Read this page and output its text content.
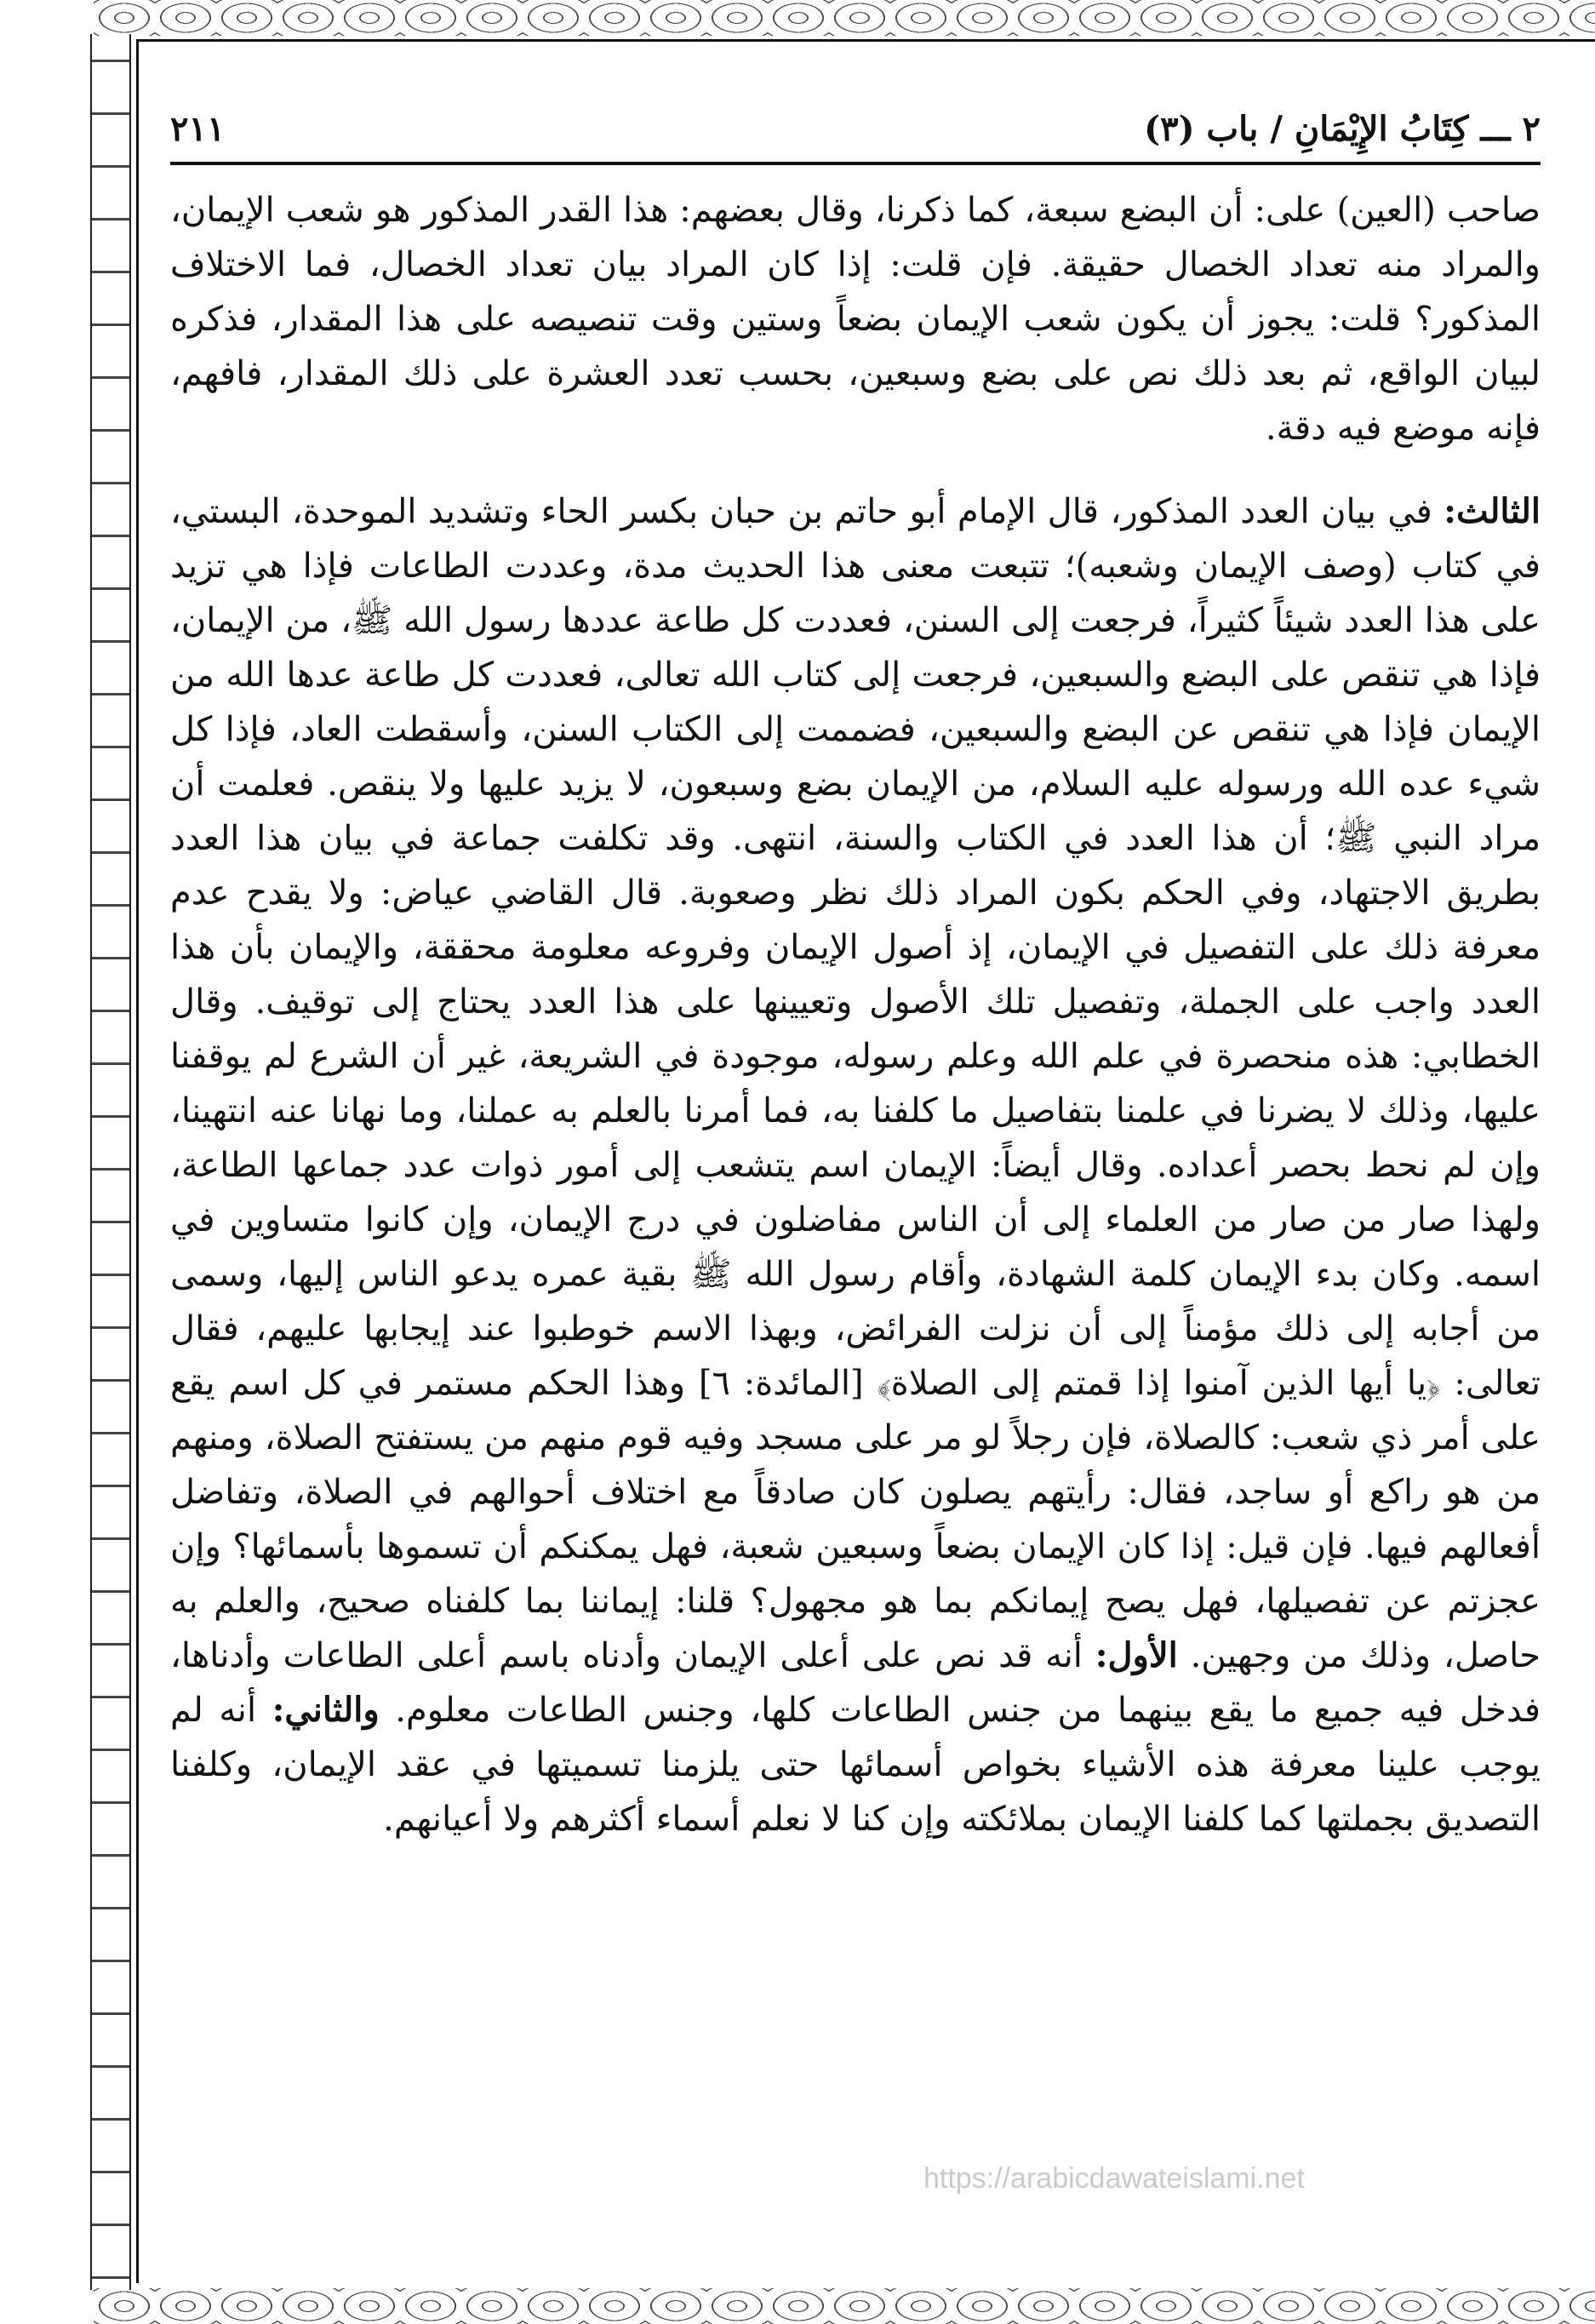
٢ ـــ كِتَابُ الإِيْمَانِ / باب (٣)
٢١١

صاحب (العين) على: أن البضع سبعة، كما ذكرنا، وقال بعضهم: هذا القدر المذكور هو شعب الإيمان، والمراد منه تعداد الخصال حقيقة. فإن قلت: إذا كان المراد بيان تعداد الخصال، فما الاختلاف المذكور؟ قلت: يجوز أن يكون شعب الإيمان بضعاً وستين وقت تنصيصه على هذا المقدار، فذكره لبيان الواقع، ثم بعد ذلك نص على بضع وسبعين، بحسب تعدد العشرة على ذلك المقدار، فافهم، فإنه موضع فيه دقة.

الثالث: في بيان العدد المذكور، قال الإمام أبو حاتم بن حبان بكسر الحاء وتشديد الموحدة، البستي، في كتاب (وصف الإيمان وشعبه)؛ تتبعت معنى هذا الحديث مدة، وعددت الطاعات فإذا هي تزيد على هذا العدد شيئاً كثيراً، فرجعت إلى السنن، فعددت كل طاعة عددها رسول الله ﷺ، من الإيمان، فإذا هي تنقص على البضع والسبعين، فرجعت إلى كتاب الله تعالى، فعددت كل طاعة عدها الله من الإيمان فإذا هي تنقص عن البضع والسبعين، فضممت إلى الكتاب السنن، وأسقطت العاد، فإذا كل شيء عده الله ورسوله عليه السلام، من الإيمان بضع وسبعون، لا يزيد عليها ولا ينقص. فعلمت أن مراد النبي ﷺ؛ أن هذا العدد في الكتاب والسنة، انتهى. وقد تكلفت جماعة في بيان هذا العدد بطريق الاجتهاد، وفي الحكم بكون المراد ذلك نظر وصعوبة. قال القاضي عياض: ولا يقدح عدم معرفة ذلك على التفصيل في الإيمان، إذ أصول الإيمان وفروعه معلومة محققة، والإيمان بأن هذا العدد واجب على الجملة، وتفصيل تلك الأصول وتعيينها على هذا العدد يحتاج إلى توقيف. وقال الخطابي: هذه منحصرة في علم الله وعلم رسوله، موجودة في الشريعة، غير أن الشرع لم يوقفنا عليها، وذلك لا يضرنا في علمنا بتفاصيل ما كلفنا به، فما أمرنا بالعلم به عملنا، وما نهانا عنه انتهينا، وإن لم نحط بحصر أعداده. وقال أيضاً: الإيمان اسم يتشعب إلى أمور ذوات عدد جماعها الطاعة، ولهذا صار من صار من العلماء إلى أن الناس مفاضلون في درج الإيمان، وإن كانوا متساوين في اسمه. وكان بدء الإيمان كلمة الشهادة، وأقام رسول الله ﷺ بقية عمره يدعو الناس إليها، وسمى من أجابه إلى ذلك مؤمناً إلى أن نزلت الفرائض، وبهذا الاسم خوطبوا عند إيجابها عليهم، فقال تعالى: ﴿يا أيها الذين آمنوا إذا قمتم إلى الصلاة﴾ [المائدة: ٦] وهذا الحكم مستمر في كل اسم يقع على أمر ذي شعب: كالصلاة، فإن رجلاً لو مر على مسجد وفيه قوم منهم من يستفتح الصلاة، ومنهم من هو راكع أو ساجد، فقال: رأيتهم يصلون كان صادقاً مع اختلاف أحوالهم في الصلاة، وتفاضل أفعالهم فيها. فإن قيل: إذا كان الإيمان بضعاً وسبعين شعبة، فهل يمكنكم أن تسموها بأسمائها؟ وإن عجزتم عن تفصيلها، فهل يصح إيمانكم بما هو مجهول؟ قلنا: إيماننا بما كلفناه صحيح، والعلم به حاصل، وذلك من وجهين. الأول: أنه قد نص على أعلى الإيمان وأدناه باسم أعلى الطاعات وأدناها، فدخل فيه جميع ما يقع بينهما من جنس الطاعات كلها، وجنس الطاعات معلوم. والثاني: أنه لم يوجب علينا معرفة هذه الأشياء بخواص أسمائها حتى يلزمنا تسميتها في عقد الإيمان، وكلفنا التصديق بجملتها كما كلفنا الإيمان بملائكته وإن كنا لا نعلم أسماء أكثرهم ولا أعيانهم.

https://arabicdawateislami.net
